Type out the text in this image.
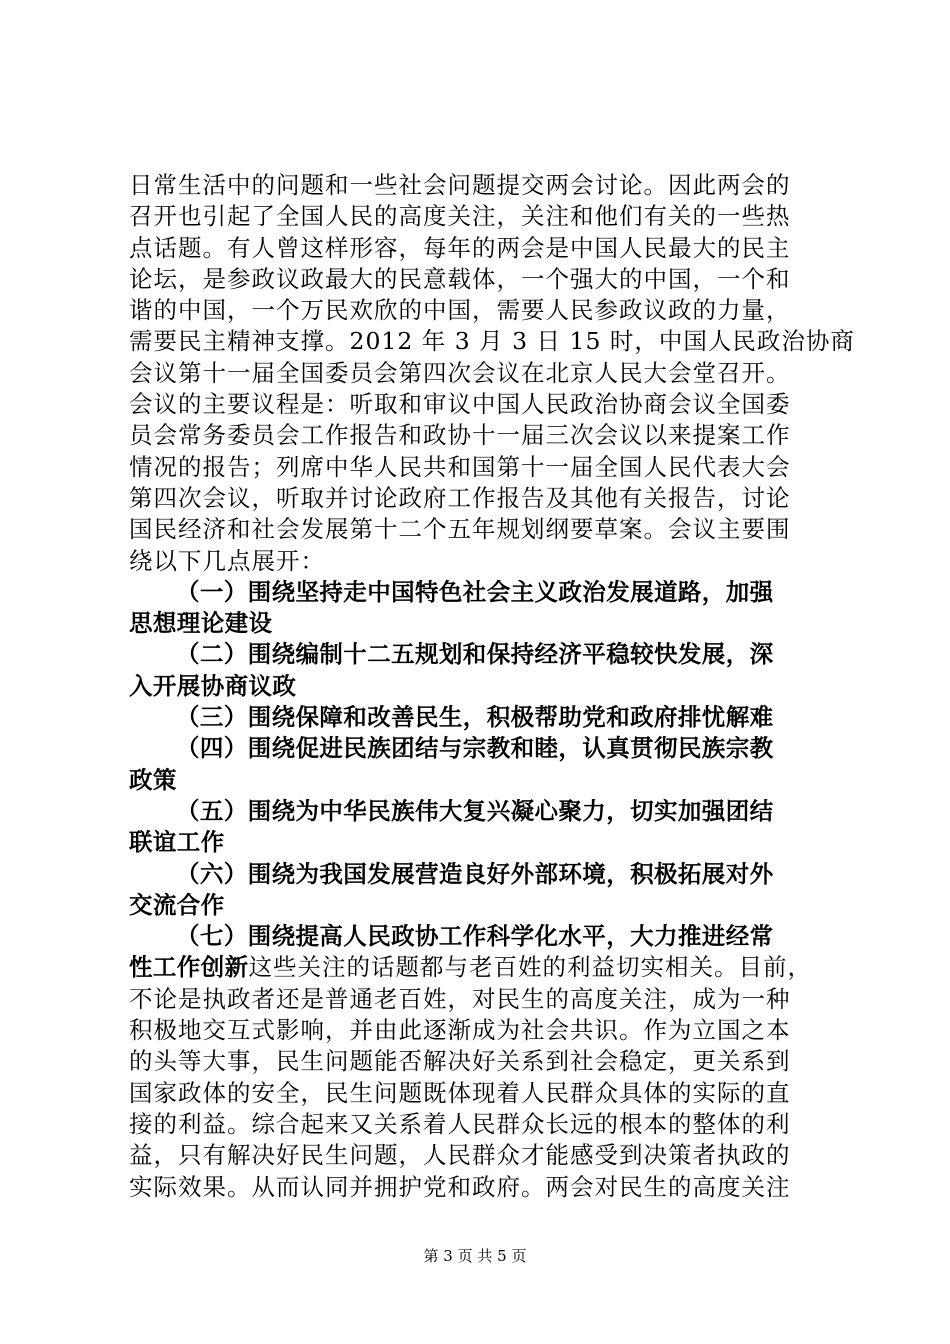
日常生活中的问题和一些社会问题提交两会讨论。因此两会的
召开也引起了全国人民的高度关注，关注和他们有关的一些热
点话题。有人曾这样形容，每年的两会是中国人民最大的民主
论坛，是参政议政最大的民意载体，一个强大的中国，一个和
谐的中国，一个万民欢欣的中国，需要人民参政议政的力量，
需要民主精神支撑。2012 年 3 月 3 日 15 时，中国人民政治协商
会议第十一届全国委员会第四次会议在北京人民大会堂召开。
会议的主要议程是：听取和审议中国人民政治协商会议全国委
员会常务委员会工作报告和政协十一届三次会议以来提案工作
情况的报告；列席中华人民共和国第十一届全国人民代表大会
第四次会议，听取并讨论政府工作报告及其他有关报告，讨论
国民经济和社会发展第十二个五年规划纲要草案。会议主要围
绕以下几点展开：
（一）围绕坚持走中国特色社会主义政治发展道路，加强
思想理论建设
（二）围绕编制十二五规划和保持经济平稳较快发展，深
入开展协商议政
（三）围绕保障和改善民生，积极帮助党和政府排忧解难
（四）围绕促进民族团结与宗教和睦，认真贯彻民族宗教
政策
（五）围绕为中华民族伟大复兴凝心聚力，切实加强团结
联谊工作
（六）围绕为我国发展营造良好外部环境，积极拓展对外
交流合作
（七）围绕提高人民政协工作科学化水平，大力推进经常
性工作创新这些关注的话题都与老百姓的利益切实相关。目前，
不论是执政者还是普通老百姓，对民生的高度关注，成为一种
积极地交互式影响，并由此逐渐成为社会共识。作为立国之本
的头等大事，民生问题能否解决好关系到社会稳定，更关系到
国家政体的安全，民生问题既体现着人民群众具体的实际的直
接的利益。综合起来又关系着人民群众长远的根本的整体的利
益，只有解决好民生问题，人民群众才能感受到决策者执政的
实际效果。从而认同并拥护党和政府。两会对民生的高度关注
第 3 页 共 5 页
